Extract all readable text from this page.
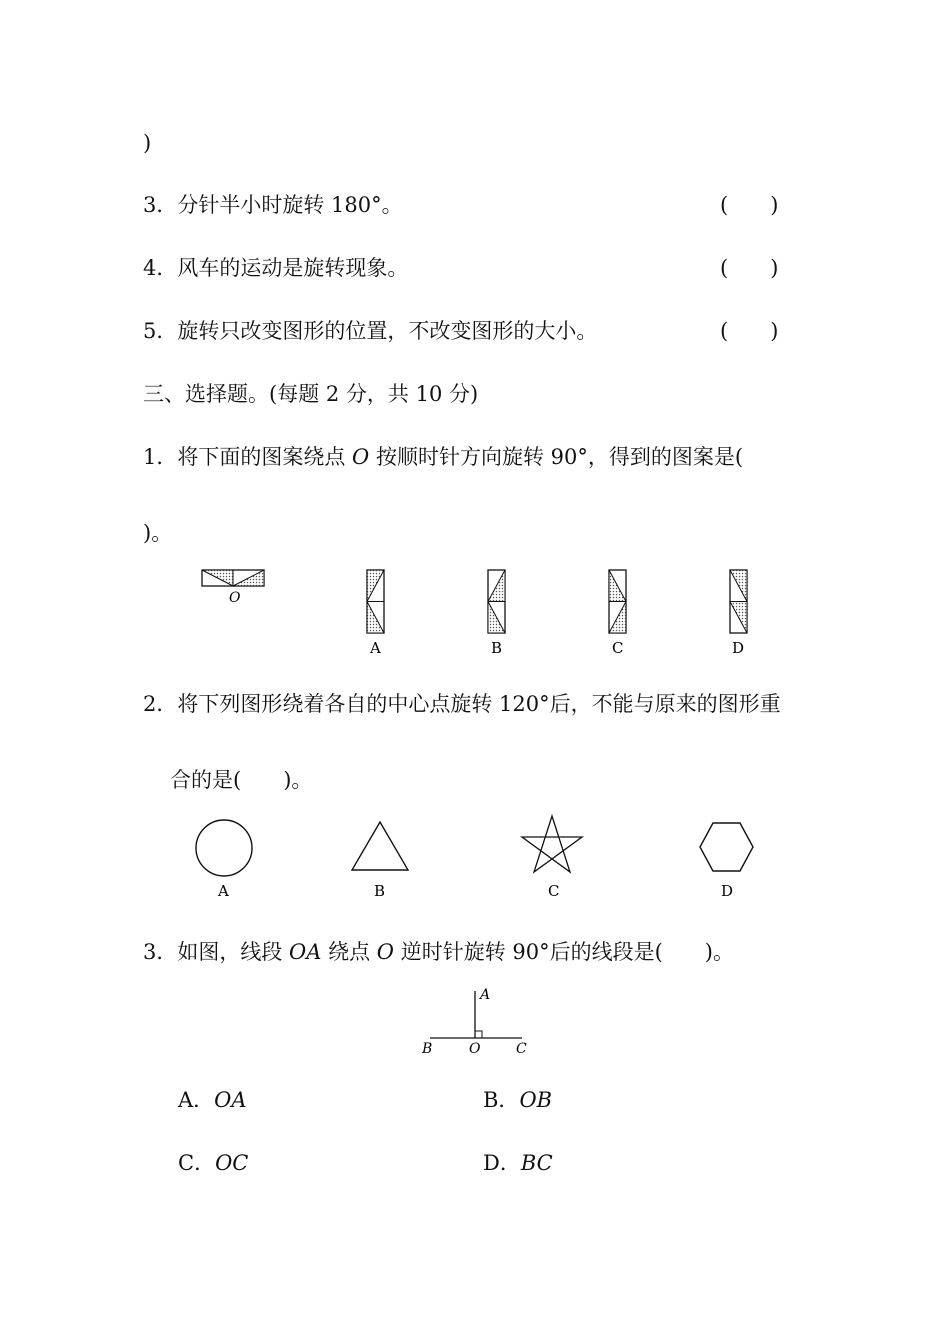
)
3．分针半小时旋转 180°。	(　　)
4．风车的运动是旋转现象。	(　　)
5．旋转只改变图形的位置，不改变图形的大小。	(　　)
三、选择题。(每题 2 分，共 10 分)
1．将下面的图案绕点 O 按顺时针方向旋转 90°，得到的图案是(
)。
O
A	B	C	D
2．将下列图形绕着各自的中心点旋转 120°后，不能与原来的图形重
合的是(　　)。
A	B	C	D
3．如图，线段 OA 绕点 O 逆时针旋转 90°后的线段是(　　)。
A
B	O	C
A．OA	B．OB
C．OC	D．BC
